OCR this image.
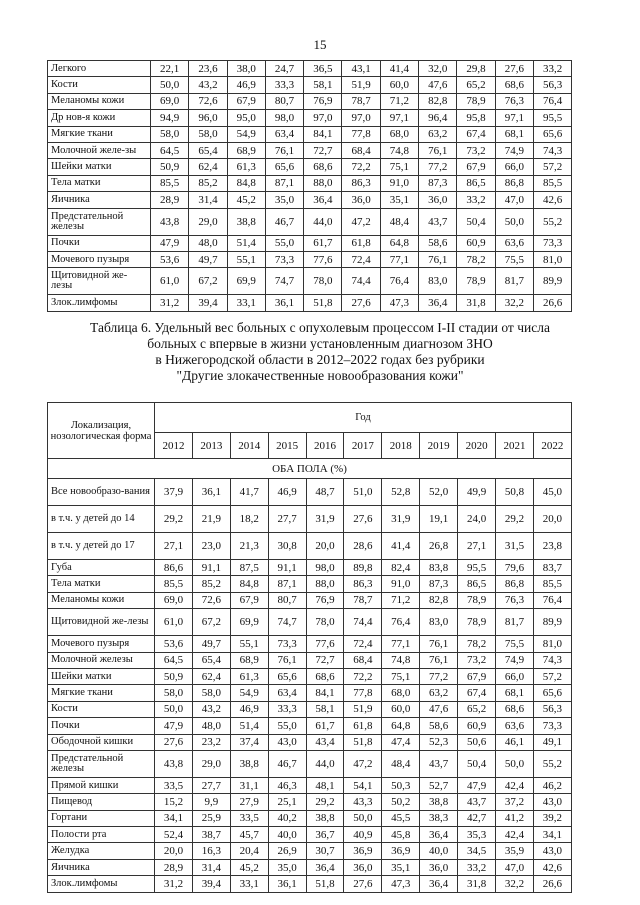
15
Легкого	22,1	23,6	38,0	24,7	36,5	43,1	41,4	32,0	29,8	27,6	33,2
Кости	50,0	43,2	46,9	33,3	58,1	51,9	60,0	47,6	65,2	68,6	56,3
Меланомы кожи	69,0	72,6	67,9	80,7	76,9	78,7	71,2	82,8	78,9	76,3	76,4
Др нов-я кожи	94,9	96,0	95,0	98,0	97,0	97,0	97,1	96,4	95,8	97,1	95,5
Мягкие ткани	58,0	58,0	54,9	63,4	84,1	77,8	68,0	63,2	67,4	68,1	65,6
Молочной желе-зы	64,5	65,4	68,9	76,1	72,7	68,4	74,8	76,1	73,2	74,9	74,3
Шейки матки	50,9	62,4	61,3	65,6	68,6	72,2	75,1	77,2	67,9	66,0	57,2
Тела матки	85,5	85,2	84,8	87,1	88,0	86,3	91,0	87,3	86,5	86,8	85,5
Яичника	28,9	31,4	45,2	35,0	36,4	36,0	35,1	36,0	33,2	47,0	42,6
Предстательной железы	43,8	29,0	38,8	46,7	44,0	47,2	48,4	43,7	50,4	50,0	55,2
Почки	47,9	48,0	51,4	55,0	61,7	61,8	64,8	58,6	60,9	63,6	73,3
Мочевого пузыря	53,6	49,7	55,1	73,3	77,6	72,4	77,1	76,1	78,2	75,5	81,0
Щитовидной же-лезы	61,0	67,2	69,9	74,7	78,0	74,4	76,4	83,0	78,9	81,7	89,9
Злок.лимфомы	31,2	39,4	33,1	36,1	51,8	27,6	47,3	36,4	31,8	32,2	26,6
Таблица 6. Удельный вес больных с опухолевым процессом I-II стадии от числа
больных с впервые в жизни установленным диагнозом ЗНО
в Нижегородской области в 2012–2022 годах без рубрики
"Другие злокачественные новообразования кожи"
Локализация, нозологическая форма	Год										
	2012	2013	2014	2015	2016	2017	2018	2019	2020	2021	2022
ОБА ПОЛА (%)											
Все новообразо-вания	37,9	36,1	41,7	46,9	48,7	51,0	52,8	52,0	49,9	50,8	45,0
в т.ч. у детей до 14	29,2	21,9	18,2	27,7	31,9	27,6	31,9	19,1	24,0	29,2	20,0
в т.ч. у детей до 17	27,1	23,0	21,3	30,8	20,0	28,6	41,4	26,8	27,1	31,5	23,8
Губа	86,6	91,1	87,5	91,1	98,0	89,8	82,4	83,8	95,5	79,6	83,7
Тела матки	85,5	85,2	84,8	87,1	88,0	86,3	91,0	87,3	86,5	86,8	85,5
Меланомы кожи	69,0	72,6	67,9	80,7	76,9	78,7	71,2	82,8	78,9	76,3	76,4
Щитовидной же-лезы	61,0	67,2	69,9	74,7	78,0	74,4	76,4	83,0	78,9	81,7	89,9
Мочевого пузыря	53,6	49,7	55,1	73,3	77,6	72,4	77,1	76,1	78,2	75,5	81,0
Молочной железы	64,5	65,4	68,9	76,1	72,7	68,4	74,8	76,1	73,2	74,9	74,3
Шейки матки	50,9	62,4	61,3	65,6	68,6	72,2	75,1	77,2	67,9	66,0	57,2
Мягкие ткани	58,0	58,0	54,9	63,4	84,1	77,8	68,0	63,2	67,4	68,1	65,6
Кости	50,0	43,2	46,9	33,3	58,1	51,9	60,0	47,6	65,2	68,6	56,3
Почки	47,9	48,0	51,4	55,0	61,7	61,8	64,8	58,6	60,9	63,6	73,3
Ободочной кишки	27,6	23,2	37,4	43,0	43,4	51,8	47,4	52,3	50,6	46,1	49,1
Предстательной железы	43,8	29,0	38,8	46,7	44,0	47,2	48,4	43,7	50,4	50,0	55,2
Прямой кишки	33,5	27,7	31,1	46,3	48,1	54,1	50,3	52,7	47,9	42,4	46,2
Пищевод	15,2	9,9	27,9	25,1	29,2	43,3	50,2	38,8	43,7	37,2	43,0
Гортани	34,1	25,9	33,5	40,2	38,8	50,0	45,5	38,3	42,7	41,2	39,2
Полости рта	52,4	38,7	45,7	40,0	36,7	40,9	45,8	36,4	35,3	42,4	34,1
Желудка	20,0	16,3	20,4	26,9	30,7	36,9	36,9	40,0	34,5	35,9	43,0
Яичника	28,9	31,4	45,2	35,0	36,4	36,0	35,1	36,0	33,2	47,0	42,6
Злок.лимфомы	31,2	39,4	33,1	36,1	51,8	27,6	47,3	36,4	31,8	32,2	26,6
